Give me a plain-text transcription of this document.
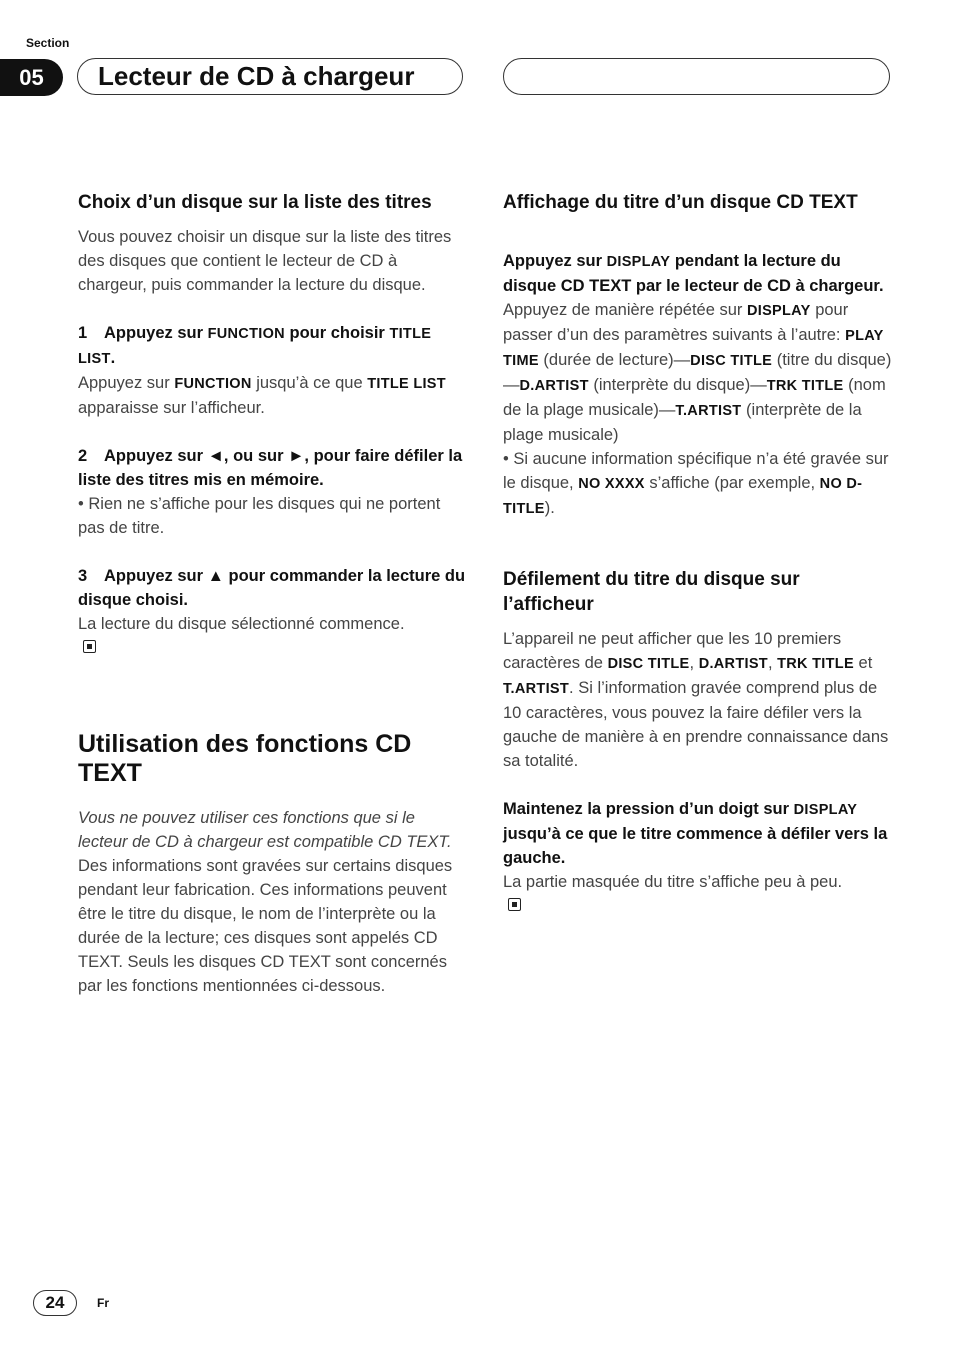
Section
05	Lecteur de CD à chargeur

Choix d’un disque sur la liste des titres

Vous pouvez choisir un disque sur la liste des titres des disques que contient le lecteur de CD à chargeur, puis commander la lecture du disque.

1 Appuyez sur FUNCTION pour choisir TITLE LIST.

Appuyez sur FUNCTION jusqu’à ce que TITLE LIST apparaisse sur l’afficheur.

2 Appuyez sur ◄, ou sur ►, pour faire défiler la liste des titres mis en mémoire.

• Rien ne s’affiche pour les disques qui ne portent pas de titre.

3 Appuyez sur ▲ pour commander la lecture du disque choisi.

La lecture du disque sélectionné commence.

Utilisation des fonctions CD TEXT

Vous ne pouvez utiliser ces fonctions que si le lecteur de CD à chargeur est compatible CD TEXT.

Des informations sont gravées sur certains disques pendant leur fabrication. Ces informations peuvent être le titre du disque, le nom de l’interprète ou la durée de la lecture; ces disques sont appelés CD TEXT. Seuls les disques CD TEXT sont concernés par les fonctions mentionnées ci-dessous.

Affichage du titre d’un disque CD TEXT

Appuyez sur DISPLAY pendant la lecture du disque CD TEXT par le lecteur de CD à chargeur.

Appuyez de manière répétée sur DISPLAY pour passer d’un des paramètres suivants à l’autre: PLAY TIME (durée de lecture)—DISC TITLE (titre du disque)—D.ARTIST (interprète du disque)—TRK TITLE (nom de la plage musicale)—T.ARTIST (interprète de la plage musicale)

• Si aucune information spécifique n’a été gravée sur le disque, NO XXXX s’affiche (par exemple, NO D-TITLE).

Défilement du titre du disque sur l’afficheur

L’appareil ne peut afficher que les 10 premiers caractères de DISC TITLE, D.ARTIST, TRK TITLE et T.ARTIST. Si l’information gravée comprend plus de 10 caractères, vous pouvez la faire défiler vers la gauche de manière à en prendre connaissance dans sa totalité.

Maintenez la pression d’un doigt sur DISPLAY jusqu’à ce que le titre commence à défiler vers la gauche.

La partie masquée du titre s’affiche peu à peu.

24	Fr
